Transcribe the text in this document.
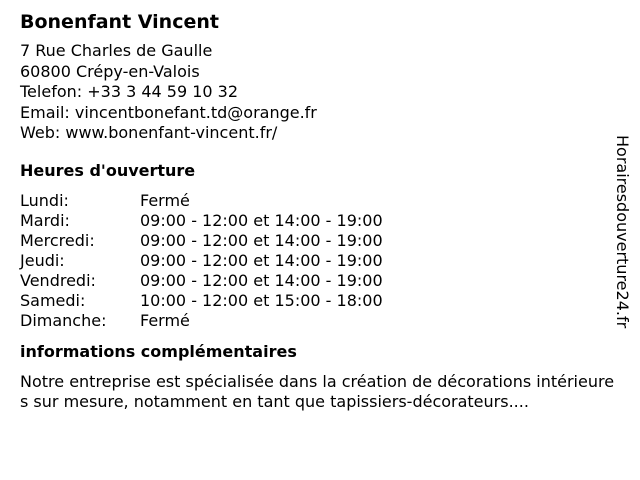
Bonenfant Vincent
7 Rue Charles de Gaulle
60800 Crépy-en-Valois
Telefon: +33 3 44 59 10 32
Email: vincentbonefant.td@orange.fr
Web: www.bonenfant-vincent.fr/
Heures d'ouverture
Lundi:	Fermé
Mardi:	09:00 - 12:00 et 14:00 - 19:00
Mercredi:	09:00 - 12:00 et 14:00 - 19:00
Jeudi:	09:00 - 12:00 et 14:00 - 19:00
Vendredi:	09:00 - 12:00 et 14:00 - 19:00
Samedi:	10:00 - 12:00 et 15:00 - 18:00
Dimanche:	Fermé
informations complémentaires
Notre entreprise est spécialisée dans la création de décorations intérieures sur mesure, notamment en tant que tapissiers-décorateurs....
Horairesdouverture24.fr
